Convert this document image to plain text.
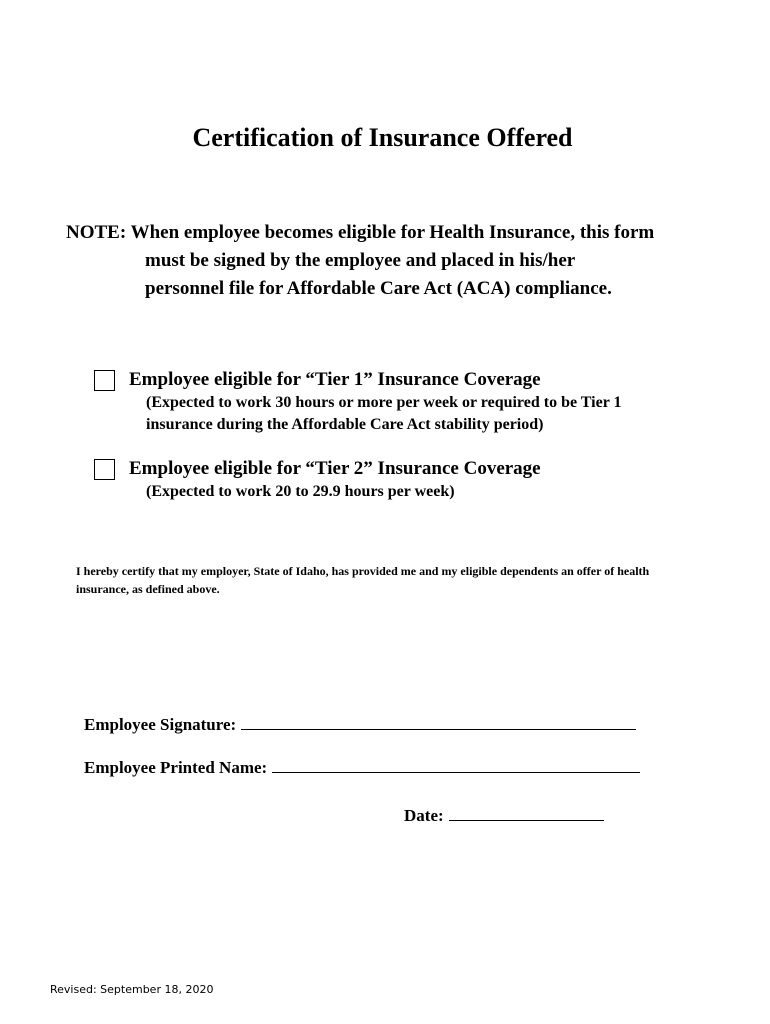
Certification of Insurance Offered
NOTE: When employee becomes eligible for Health Insurance, this form
must be signed by the employee and placed in his/her
personnel file for Affordable Care Act (ACA) compliance.
Employee eligible for “Tier 1” Insurance Coverage
(Expected to work 30 hours or more per week or required to be Tier 1
insurance during the Affordable Care Act stability period)
Employee eligible for “Tier 2” Insurance Coverage
(Expected to work 20 to 29.9 hours per week)
I hereby certify that my employer, State of Idaho, has provided me and my eligible dependents an offer of health
insurance, as defined above.
Employee Signature:
Employee Printed Name:
Date:
Revised: September 18, 2020
